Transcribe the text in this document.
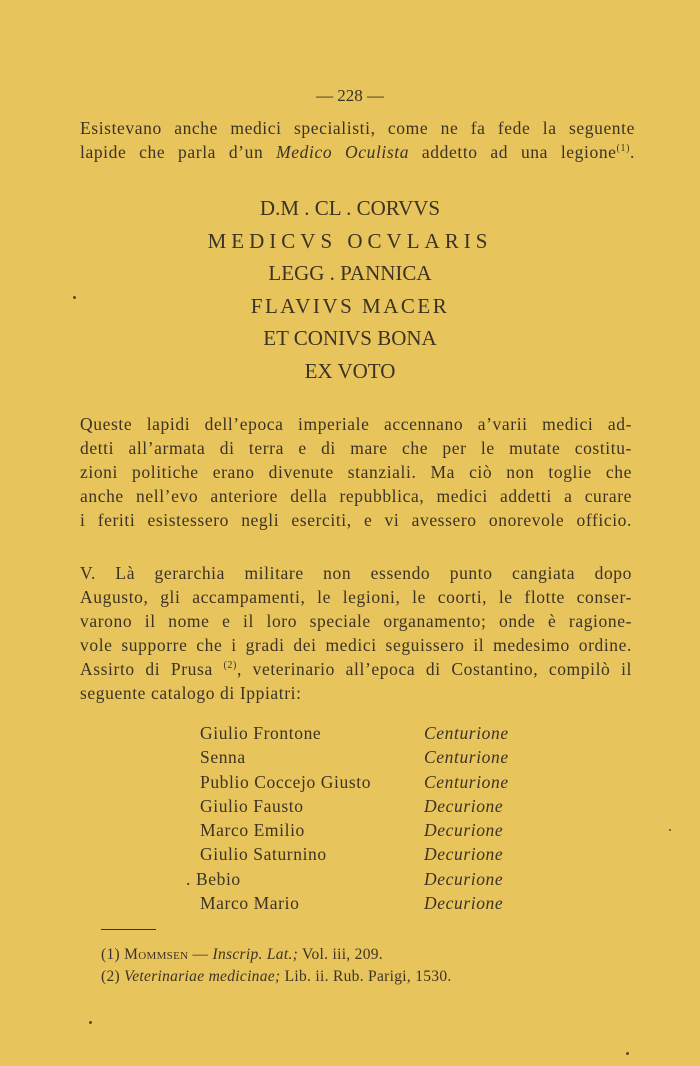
— 228 —
Esistevano anche medici specialisti, come ne fa fede la seguente
lapide che parla d’un Medico Oculista addetto ad una legione$^{(1)}$.
D.M . CL . CORVVS
MEDICVS OCVLARIS
LEGG . PANNICA
FLAVIVS MACER
ET CONIVS BONA
EX VOTO
Queste lapidi dell’epoca imperiale accennano a’varii medici ad-
detti all’armata di terra e di mare che per le mutate costitu-
zioni politiche erano divenute stanziali. Ma ciò non toglie che
anche nell’evo anteriore della repubblica, medici addetti a curare
i feriti esistessero negli eserciti, e vi avessero onorevole officio.
V. Là gerarchia militare non essendo punto cangiata dopo
Augusto, gli accampamenti, le legioni, le coorti, le flotte conser-
varono il nome e il loro speciale organamento; onde è ragione-
vole supporre che i gradi dei medici seguissero il medesimo ordine.
Assirto di Prusa $^{(2)}$, veterinario all’epoca di Costantino, compilò il
seguente catalogo di Ippiatri:
Giulio Frontone	Centurione
Senna	Centurione
Publio Coccejo Giusto	Centurione
Giulio Fausto	Decurione
Marco Emilio	Decurione
Giulio Saturnino	Decurione
. Bebio	Decurione
Marco Mario	Decurione
(1) Mommsen — Inscrip. Lat.; Vol. iii, 209.
(2) Veterinariae medicinae; Lib. ii. Rub. Parigi, 1530.
